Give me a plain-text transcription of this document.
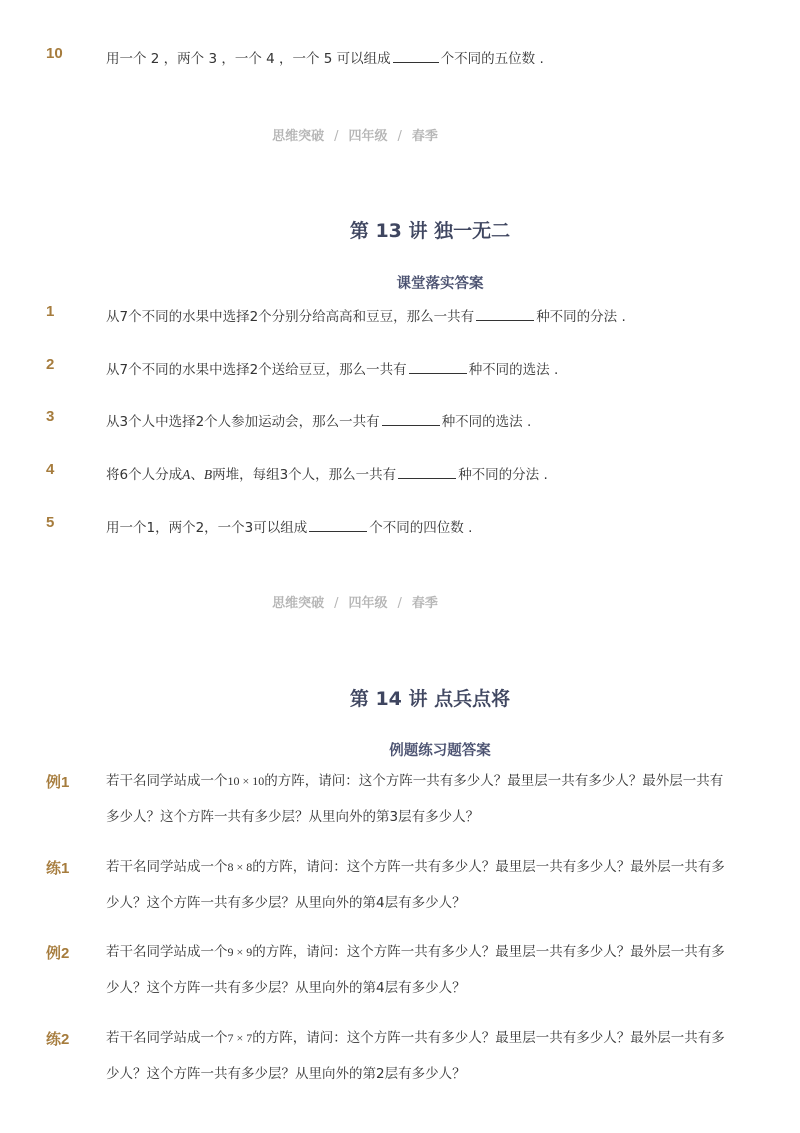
10	用一个 2 ，两个 3 ，一个 4 ，一个 5 可以组成	个不同的五位数 .
思维突破 / 四年级 / 春季
第 13 讲 独一无二
课堂落实答案
1	从7个不同的水果中选择2个分别分给高高和豆豆，那么一共有	种不同的分法 .
2	从7个不同的水果中选择2个送给豆豆，那么一共有	种不同的选法 .
3	从3个人中选择2个人参加运动会，那么一共有	种不同的选法 .
4	将6个人分成A、B两堆，每组3个人，那么一共有	种不同的分法 .
5	用一个1，两个2，一个3可以组成	个不同的四位数 .
思维突破 / 四年级 / 春季
第 14 讲 点兵点将
例题练习题答案
例1	若干名同学站成一个10 × 10的方阵，请问：这个方阵一共有多少人？最里层一共有多少人？最外层一共有多少人？这个方阵一共有多少层？从里向外的第3层有多少人？
练1	若干名同学站成一个8 × 8的方阵，请问：这个方阵一共有多少人？最里层一共有多少人？最外层一共有多少人？这个方阵一共有多少层？从里向外的第4层有多少人？
例2	若干名同学站成一个9 × 9的方阵，请问：这个方阵一共有多少人？最里层一共有多少人？最外层一共有多少人？这个方阵一共有多少层？从里向外的第4层有多少人？
练2	若干名同学站成一个7 × 7的方阵，请问：这个方阵一共有多少人？最里层一共有多少人？最外层一共有多少人？这个方阵一共有多少层？从里向外的第2层有多少人？
